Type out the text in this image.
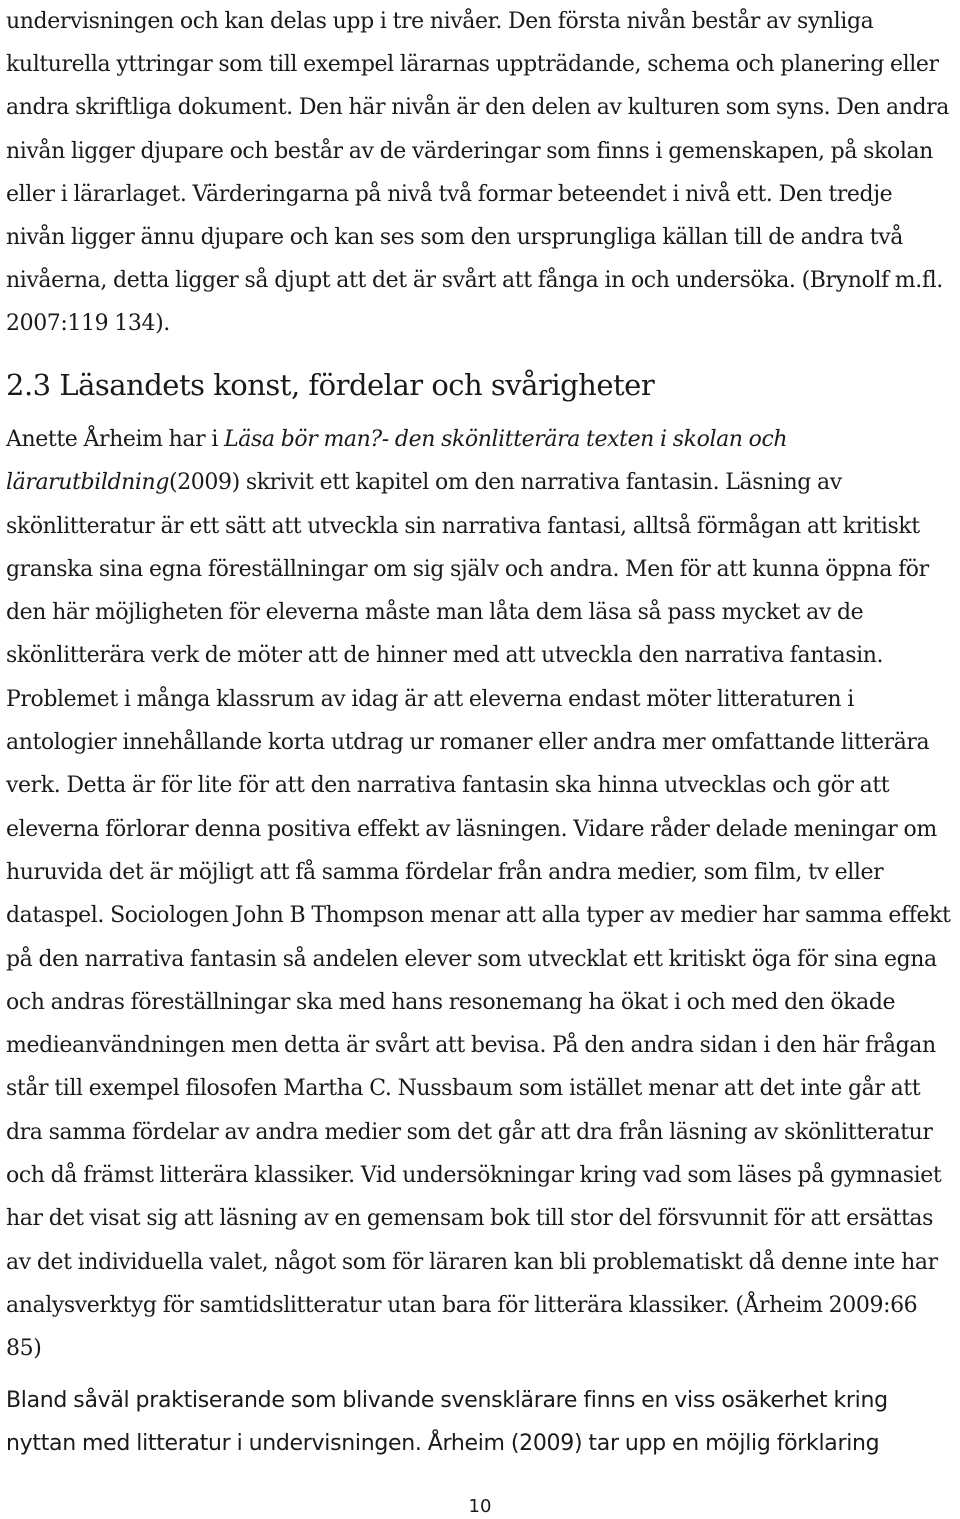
undervisningen och kan delas upp i tre nivåer. Den första nivån består av synliga kulturella yttringar som till exempel lärarnas uppträdande, schema och planering eller andra skriftliga dokument. Den här nivån är den delen av kulturen som syns. Den andra nivån ligger djupare och består av de värderingar som finns i gemenskapen, på skolan eller i lärarlaget. Värderingarna på nivå två formar beteendet i nivå ett. Den tredje nivån ligger ännu djupare och kan ses som den ursprungliga källan till de andra två nivåerna, detta ligger så djupt att det är svårt att fånga in och undersöka. (Brynolf m.fl. 2007:119 134).

2.3 Läsandets konst, fördelar och svårigheter

Anette Årheim har i Läsa bör man?- den skönlitterära texten i skolan och lärarutbildning(2009) skrivit ett kapitel om den narrativa fantasin. Läsning av skönlitteratur är ett sätt att utveckla sin narrativa fantasi, alltså förmågan att kritiskt granska sina egna föreställningar om sig själv och andra. Men för att kunna öppna för den här möjligheten för eleverna måste man låta dem läsa så pass mycket av de skönlitterära verk de möter att de hinner med att utveckla den narrativa fantasin. Problemet i många klassrum av idag är att eleverna endast möter litteraturen i antologier innehållande korta utdrag ur romaner eller andra mer omfattande litterära verk. Detta är för lite för att den narrativa fantasin ska hinna utvecklas och gör att eleverna förlorar denna positiva effekt av läsningen. Vidare råder delade meningar om huruvida det är möjligt att få samma fördelar från andra medier, som film, tv eller dataspel. Sociologen John B Thompson menar att alla typer av medier har samma effekt på den narrativa fantasin så andelen elever som utvecklat ett kritiskt öga för sina egna och andras föreställningar ska med hans resonemang ha ökat i och med den ökade medieanvändningen men detta är svårt att bevisa. På den andra sidan i den här frågan står till exempel filosofen Martha C. Nussbaum som istället menar att det inte går att dra samma fördelar av andra medier som det går att dra från läsning av skönlitteratur och då främst litterära klassiker. Vid undersökningar kring vad som läses på gymnasiet har det visat sig att läsning av en gemensam bok till stor del försvunnit för att ersättas av det individuella valet, något som för läraren kan bli problematiskt då denne inte har analysverktyg för samtidslitteratur utan bara för litterära klassiker. (Årheim 2009:66 85)

Bland såväl praktiserande som blivande svensklärare finns en viss osäkerhet kring nyttan med litteratur i undervisningen. Årheim (2009) tar upp en möjlig förklaring

10
